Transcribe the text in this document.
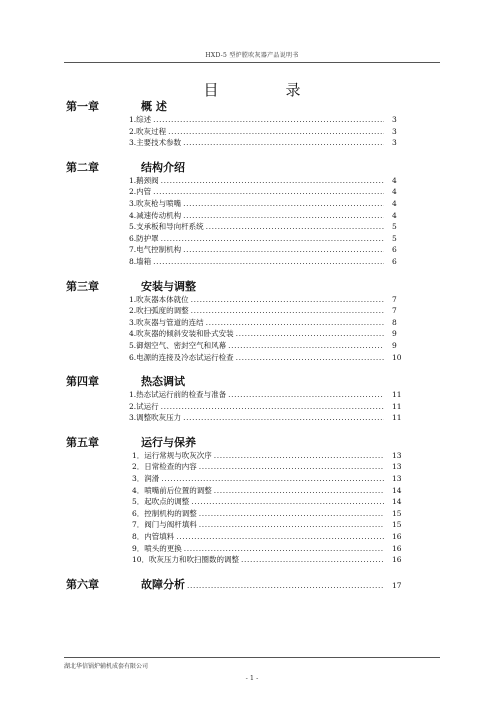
HXD-5 型炉膛吹灰器产品说明书
目　录
第一章	概 述
1.综述 .....	3
2.吹灰过程 .....	3
3.主要技术参数 .....	3
第二章	结构介绍
1.鹅颈阀 .....	4
2.内管 .....	4
3.吹灰枪与喷嘴 .....	4
4.减速传动机构 .....	4
5.支承板和导向杆系统 .....	5
6.防护罩 .....	5
7.电气控制机构 .....	6
8.墙箱 .....	6
第三章	安装与调整
1.吹灰器本体就位 .....	7
2.吹扫弧度的调整 .....	7
3.吹灰器与管道的连结 .....	8
4.吹灰器的倾斜安装和卧式安装 .....	9
5.御烟空气、密封空气和风幕 .....	9
6.电源的连接及冷态试运行检查 .....	10
第四章	热态调试
1.热态试运行前的检查与准备 .....	11
2.试运行 .....	11
3.调整吹灰压力 .....	11
第五章	运行与保养
1．运行常规与吹灰次序 .....	13
2．日常检查的内容 .....	13
3．润滑 .....	13
4．喷嘴前后位置的调整 .....	14
5．起吹点的调整 .....	14
6．控制机构的调整 .....	15
7．阀门与阀杆填料 .....	15
8．内管填料 .....	16
9．喷头的更换 .....	16
10．吹灰压力和吹扫圈数的调整 .....	16
第六章	故障分析 .....	17
湖北华信锅炉辅机成套有限公司
- 1 -
